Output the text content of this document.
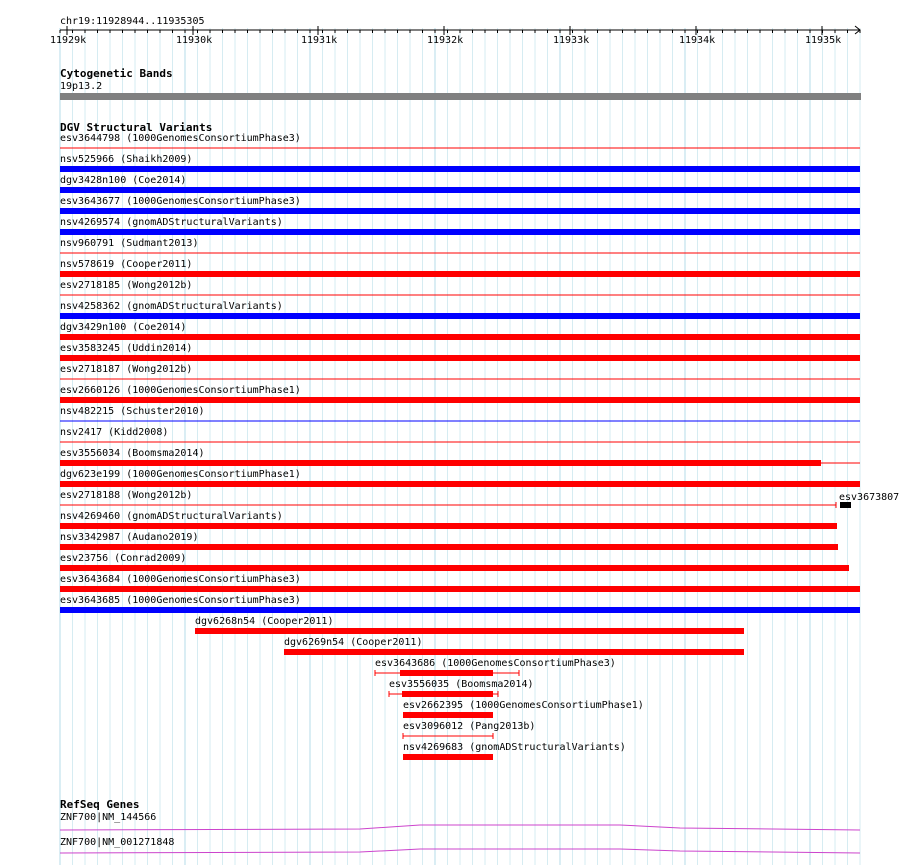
chr19:11928944..11935305
11929k	11930k	11931k	11932k	11933k	11934k	11935k
Cytogenetic Bands
19p13.2
DGV Structural Variants
esv3644798 (1000GenomesConsortiumPhase3)
nsv525966 (Shaikh2009)
dgv3428n100 (Coe2014)
esv3643677 (1000GenomesConsortiumPhase3)
nsv4269574 (gnomADStructuralVariants)
nsv960791 (Sudmant2013)
nsv578619 (Cooper2011)
esv2718185 (Wong2012b)
nsv4258362 (gnomADStructuralVariants)
dgv3429n100 (Coe2014)
esv3583245 (Uddin2014)
esv2718187 (Wong2012b)
esv2660126 (1000GenomesConsortiumPhase1)
nsv482215 (Schuster2010)
nsv2417 (Kidd2008)
esv3556034 (Boomsma2014)
dgv623e199 (1000GenomesConsortiumPhase1)
esv2718188 (Wong2012b)
nsv4269460 (gnomADStructuralVariants)
nsv3342987 (Audano2019)
esv23756 (Conrad2009)
esv3643684 (1000GenomesConsortiumPhase3)
esv3643685 (1000GenomesConsortiumPhase3)
dgv6268n54 (Cooper2011)
dgv6269n54 (Cooper2011)
esv3643686 (1000GenomesConsortiumPhase3)
esv3556035 (Boomsma2014)
esv2662395 (1000GenomesConsortiumPhase1)
esv3096012 (Pang2013b)
nsv4269683 (gnomADStructuralVariants)
esv3673807
RefSeq Genes
ZNF700|NM_144566
ZNF700|NM_001271848
